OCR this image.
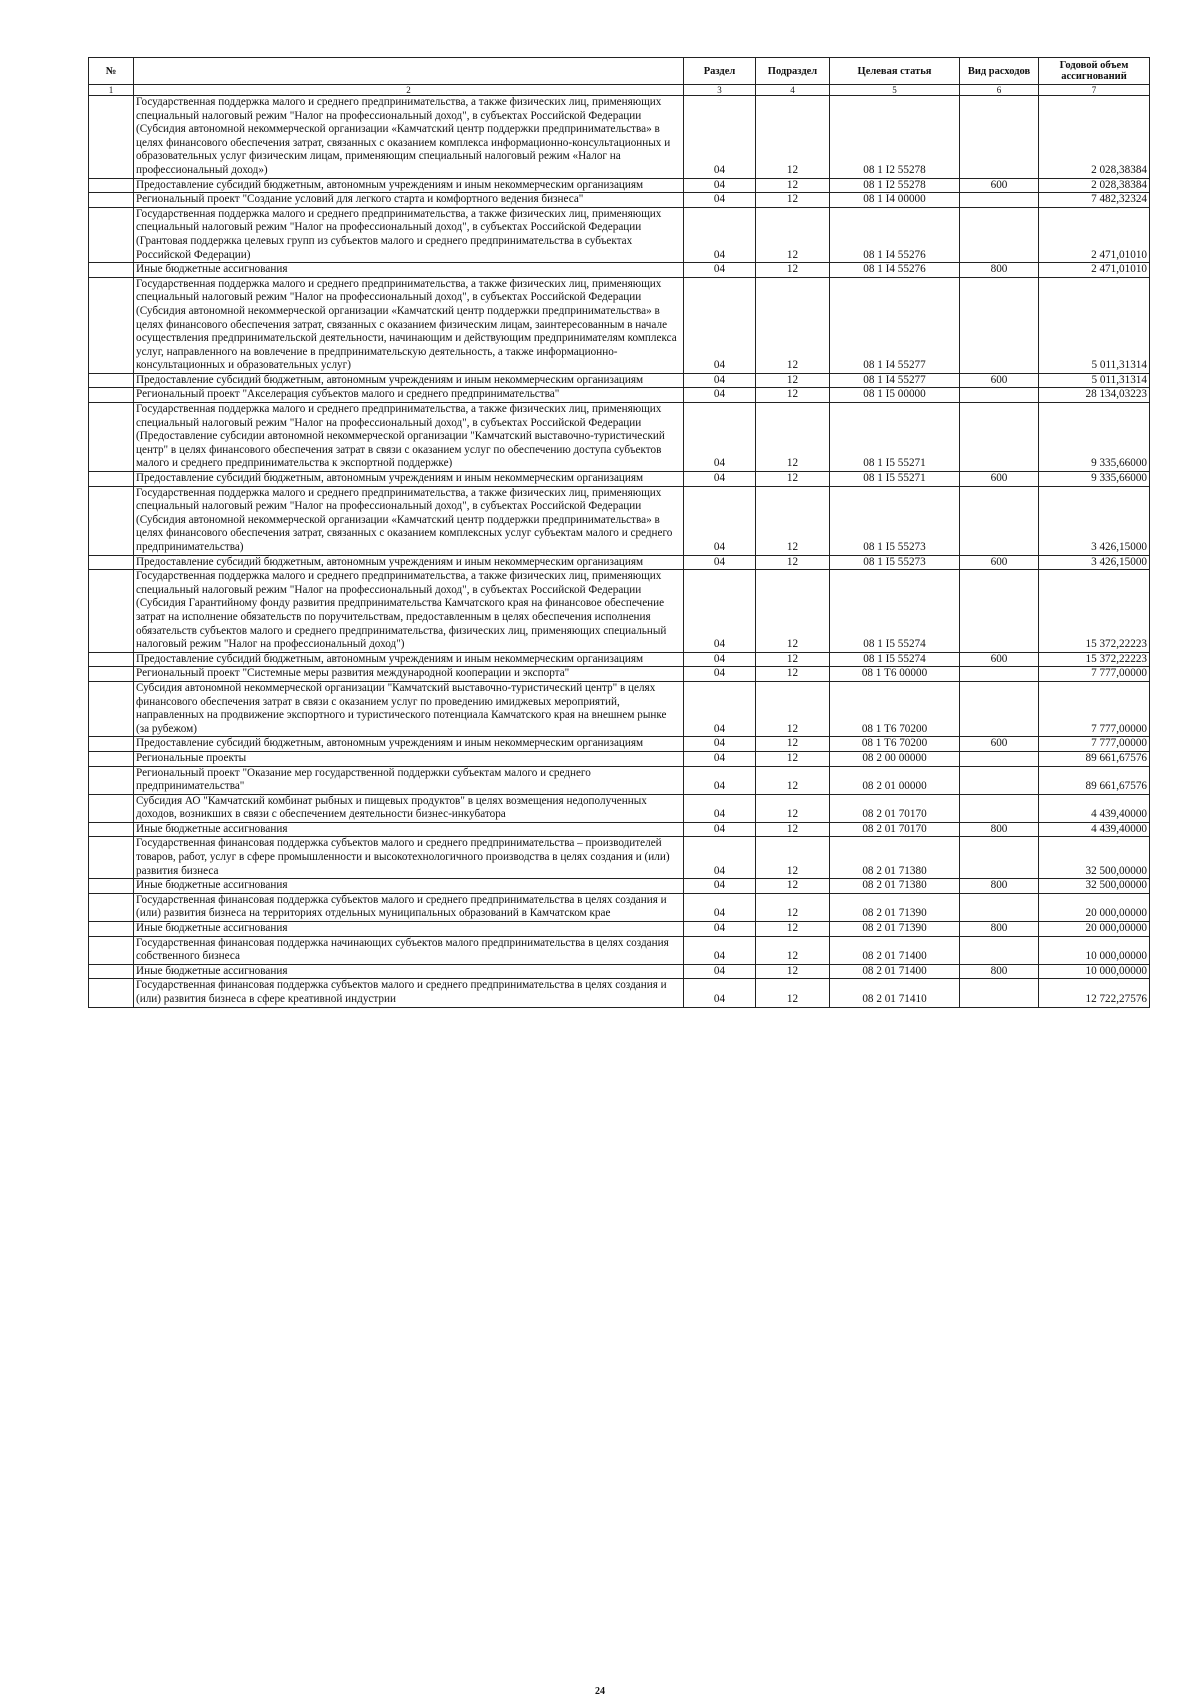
№		Раздел	Подраздел	Целевая статья	Вид расходов	Годовой объем ассигнований
1	2	3	4	5	6	7
	Государственная поддержка малого и среднего предпринимательства, а также физических лиц, применяющих специальный налоговый режим "Налог на профессиональный доход", в субъектах Российской Федерации (Субсидия автономной некоммерческой организации «Камчатский центр поддержки предпринимательства» в целях финансового обеспечения затрат, связанных с оказанием комплекса информационно-консультационных и образовательных услуг физическим лицам, применяющим специальный налоговый режим «Налог на профессиональный доход»)	04	12	08 1 I2 55278		2 028,38384
	Предоставление субсидий бюджетным, автономным учреждениям и иным некоммерческим организациям	04	12	08 1 I2 55278	600	2 028,38384
	Региональный проект "Создание условий для легкого старта и комфортного ведения бизнеса"	04	12	08 1 I4 00000		7 482,32324
	Государственная поддержка малого и среднего предпринимательства, а также физических лиц, применяющих специальный налоговый режим "Налог на профессиональный доход", в субъектах Российской Федерации (Грантовая поддержка целевых групп из субъектов малого и среднего предпринимательства в субъектах Российской Федерации)	04	12	08 1 I4 55276		2 471,01010
	Иные бюджетные ассигнования	04	12	08 1 I4 55276	800	2 471,01010
	Государственная поддержка малого и среднего предпринимательства, а также физических лиц, применяющих специальный налоговый режим "Налог на профессиональный доход", в субъектах Российской Федерации (Субсидия автономной некоммерческой организации «Камчатский центр поддержки предпринимательства» в целях финансового обеспечения затрат, связанных с оказанием физическим лицам, заинтересованным в начале осуществления предпринимательской деятельности, начинающим и действующим предпринимателям комплекса услуг, направленного на вовлечение в предпринимательскую деятельность, а также информационно-консультационных и образовательных услуг)	04	12	08 1 I4 55277		5 011,31314
	Предоставление субсидий бюджетным, автономным учреждениям и иным некоммерческим организациям	04	12	08 1 I4 55277	600	5 011,31314
	Региональный проект "Акселерация субъектов малого и среднего предпринимательства"	04	12	08 1 I5 00000		28 134,03223
	Государственная поддержка малого и среднего предпринимательства, а также физических лиц, применяющих специальный налоговый режим "Налог на профессиональный доход", в субъектах Российской Федерации (Предоставление субсидии автономной некоммерческой организации "Камчатский выставочно-туристический центр" в целях финансового обеспечения затрат в связи с оказанием услуг по обеспечению доступа субъектов малого и среднего предпринимательства к экспортной поддержке)	04	12	08 1 I5 55271		9 335,66000
	Предоставление субсидий бюджетным, автономным учреждениям и иным некоммерческим организациям	04	12	08 1 I5 55271	600	9 335,66000
	Государственная поддержка малого и среднего предпринимательства, а также физических лиц, применяющих специальный налоговый режим "Налог на профессиональный доход", в субъектах Российской Федерации (Субсидия автономной некоммерческой организации «Камчатский центр поддержки предпринимательства» в целях финансового обеспечения затрат, связанных с оказанием комплексных услуг субъектам малого и среднего предпринимательства)	04	12	08 1 I5 55273		3 426,15000
	Предоставление субсидий бюджетным, автономным учреждениям и иным некоммерческим организациям	04	12	08 1 I5 55273	600	3 426,15000
	Государственная поддержка малого и среднего предпринимательства, а также физических лиц, применяющих специальный налоговый режим "Налог на профессиональный доход", в субъектах Российской Федерации (Субсидия Гарантийному фонду развития предпринимательства Камчатского края на финансовое обеспечение затрат на исполнение обязательств по поручительствам, предоставленным в целях обеспечения исполнения обязательств субъектов малого и среднего предпринимательства, физических лиц, применяющих специальный налоговый режим "Налог на профессиональный доход")	04	12	08 1 I5 55274		15 372,22223
	Предоставление субсидий бюджетным, автономным учреждениям и иным некоммерческим организациям	04	12	08 1 I5 55274	600	15 372,22223
	Региональный проект "Системные меры развития международной кооперации и экспорта"	04	12	08 1 T6 00000		7 777,00000
	Субсидия автономной некоммерческой организации "Камчатский выставочно-туристический центр" в целях финансового обеспечения затрат в связи с оказанием услуг по проведению имиджевых мероприятий, направленных на продвижение экспортного и туристического потенциала Камчатского края на внешнем рынке (за рубежом)	04	12	08 1 T6 70200		7 777,00000
	Предоставление субсидий бюджетным, автономным учреждениям и иным некоммерческим организациям	04	12	08 1 T6 70200	600	7 777,00000
	Региональные проекты	04	12	08 2 00 00000		89 661,67576
	Региональный проект "Оказание мер государственной поддержки субъектам малого и среднего предпринимательства"	04	12	08 2 01 00000		89 661,67576
	Субсидия АО "Камчатский комбинат рыбных и пищевых продуктов" в целях возмещения недополученных доходов, возникших в связи с обеспечением деятельности бизнес-инкубатора	04	12	08 2 01 70170		4 439,40000
	Иные бюджетные ассигнования	04	12	08 2 01 70170	800	4 439,40000
	Государственная финансовая поддержка субъектов малого и среднего предпринимательства – производителей товаров, работ, услуг в сфере промышленности и высокотехнологичного производства в целях создания и (или) развития бизнеса	04	12	08 2 01 71380		32 500,00000
	Иные бюджетные ассигнования	04	12	08 2 01 71380	800	32 500,00000
	Государственная финансовая поддержка субъектов малого и среднего предпринимательства в целях создания и (или) развития бизнеса на территориях отдельных муниципальных образований в Камчатском крае	04	12	08 2 01 71390		20 000,00000
	Иные бюджетные ассигнования	04	12	08 2 01 71390	800	20 000,00000
	Государственная финансовая поддержка начинающих субъектов малого предпринимательства в целях создания собственного бизнеса	04	12	08 2 01 71400		10 000,00000
	Иные бюджетные ассигнования	04	12	08 2 01 71400	800	10 000,00000
	Государственная финансовая поддержка субъектов малого и среднего предпринимательства в целях создания и (или) развития бизнеса в сфере креативной индустрии	04	12	08 2 01 71410		12 722,27576
24
